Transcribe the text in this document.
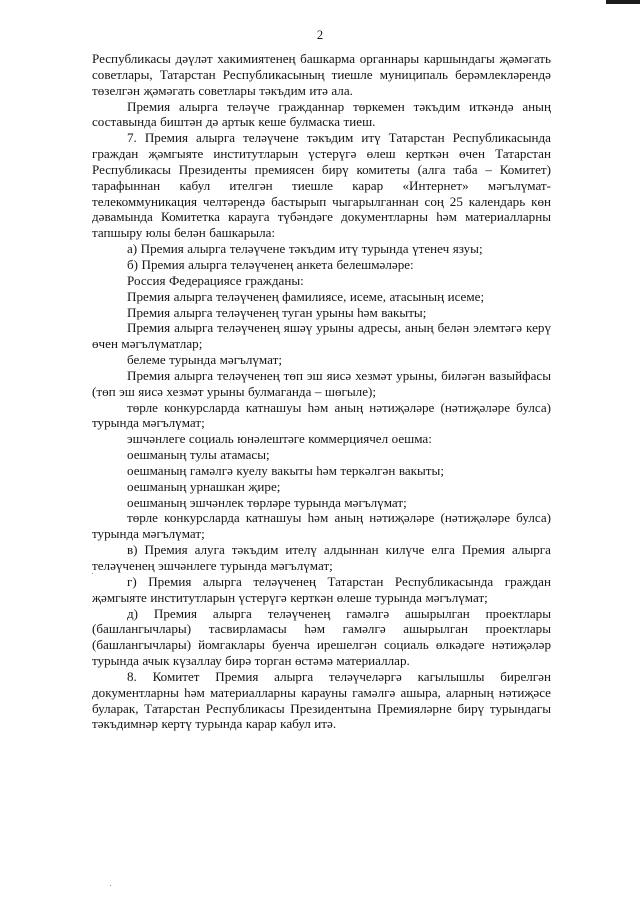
2

Республикасы дәүләт хакимиятенең башкарма органнары каршындагы җәмәгать советлары, Татарстан Республикасының тиешле муниципаль берәмлекләрендә төзелгән җәмәгать советлары тәкъдим итә ала.

Премия алырга теләүче гражданнар төркемен тәкъдим иткәндә аның составында биштән дә артык кеше булмаска тиеш.

7. Премия алырга теләүчене тәкъдим итү Татарстан Республикасында граждан җәмгыяте институтларын үстерүгә өлеш керткән өчен Татарстан Республикасы Президенты премиясен бирү комитеты (алга таба – Комитет) тарафыннан кабул ителгән тиешле карар «Интернет» мәгълүмат-телекоммуникация челтәрендә бастырып чыгарылганнан соң 25 календарь көн дәвамында Комитетка карауга түбәндәге документларны һәм материалларны тапшыру юлы белән башкарыла:

а) Премия алырга теләүчене тәкъдим итү турында үтенеч язуы;

б) Премия алырга теләүченең анкета белешмәләре:

Россия Федерациясе гражданы:

Премия алырга теләүченең фамилиясе, исеме, атасының исеме;

Премия алырга теләүченең туган урыны һәм вакыты;

Премия алырга теләүченең яшәү урыны адресы, аның белән элемтәгә керү өчен мәгълүматлар;

белеме турында мәгълүмат;

Премия алырга теләүченең төп эш яисә хезмәт урыны, биләгән вазыйфасы (төп эш яисә хезмәт урыны булмаганда – шөгыле);

төрле конкурсларда катнашуы һәм аның нәтиҗәләре (нәтиҗәләре булса) турында мәгълүмат;

эшчәнлеге социаль юнәлештәге коммерциячел оешма:

оешманың тулы атамасы;

оешманың гамәлгә куелу вакыты һәм теркәлгән вакыты;

оешманың урнашкан җире;

оешманың эшчәнлек төрләре турында мәгълүмат;

төрле конкурсларда катнашуы һәм аның нәтиҗәләре (нәтиҗәләре булса) турында мәгълүмат;

в) Премия алуга тәкъдим ителү алдыннан килүче елга Премия алырга теләүченең эшчәнлеге турында мәгълүмат;

г) Премия алырга теләүченең Татарстан Республикасында граждан җәмгыяте институтларын үстерүгә керткән өлеше турында мәгълүмат;

д) Премия алырга теләүченең гамәлгә ашырылган проектлары (башлангычлары) тасвирламасы һәм гамәлгә ашырылган проектлары (башлангычлары) йомгаклары буенча ирешелгән социаль өлкәдәге нәтиҗәләр турында ачык күзаллау бирә торган өстәмә материаллар.

8. Комитет Премия алырга теләүчеләргә кагылышлы бирелгән документларны һәм материалларны карауны гамәлгә ашыра, аларның нәтиҗәсе буларак, Татарстан Республикасы Президентына Премияләрне бирү турындагы тәкъдимнәр кертү турында карар кабул итә.
